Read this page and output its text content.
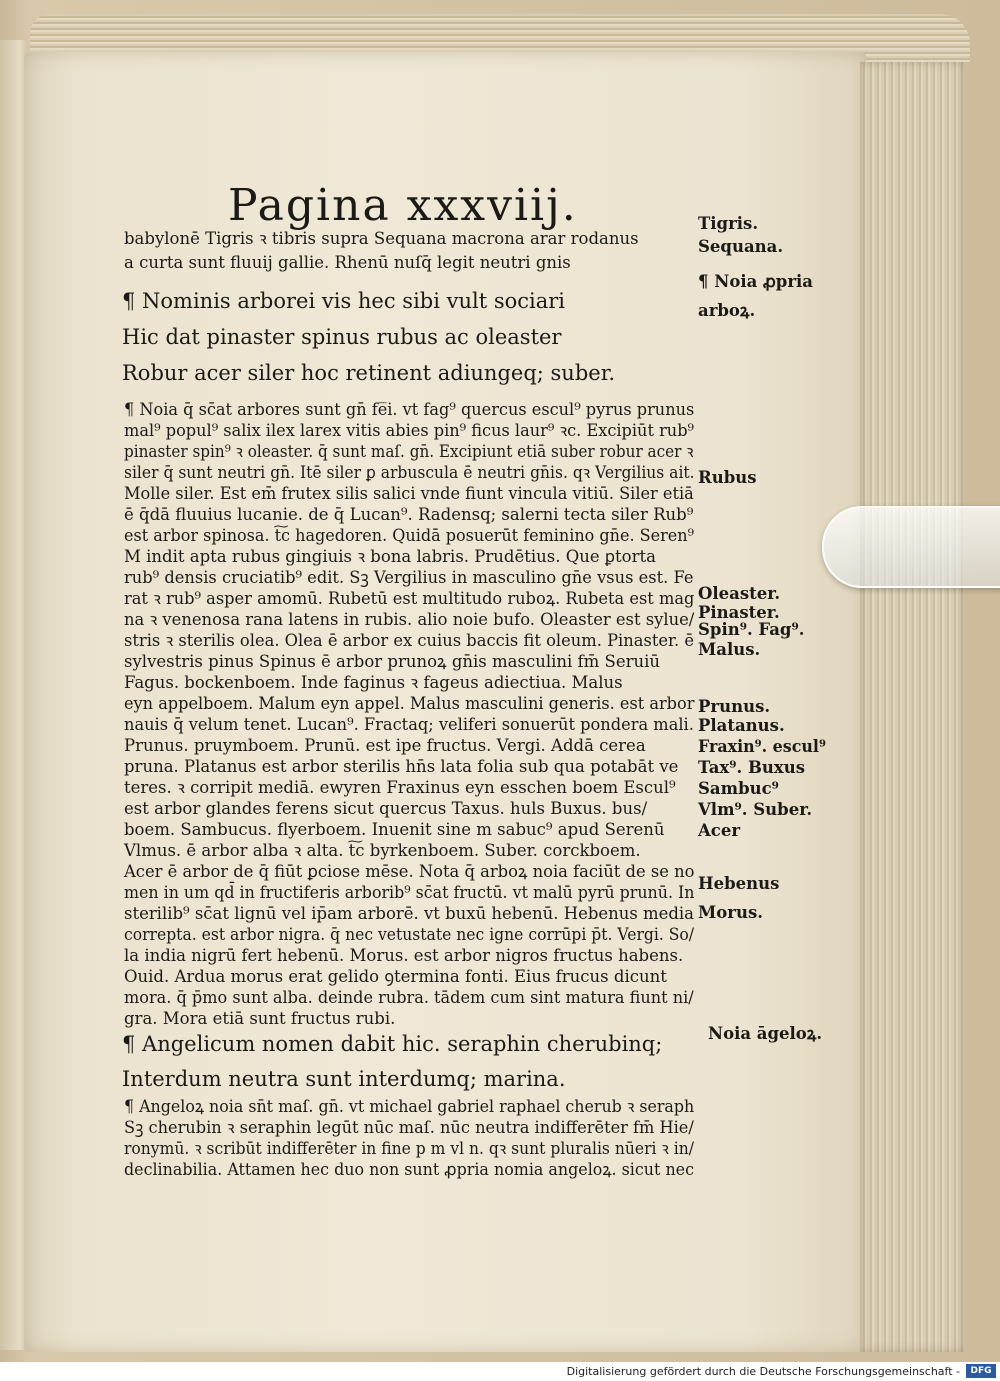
Pagina xxxviij.
babylonē Tigris ꝛ tibris supra Sequana macrona arar rodanus
a curta sunt fluuij gallie. Rhenū nuſq̄ legit neutri gnis
¶ Nominis arborei vis hec sibi vult sociari
Hic dat pinaster spinus rubus ac oleaster
Robur acer siler hoc retinent adiungeq; suber.
¶ Noia q̄ sc̄at arbores sunt gn̄ fe̅i. vt fag⁹ quercus escul⁹ pyrus prunus
mal⁹ popul⁹ salix ilex larex vitis abies pin⁹ ficus laur⁹ ꝛc. Excipiūt rub⁹
pinaster spin⁹ ꝛ oleaster. q̄ sunt maſ. gn̄. Excipiunt etiā suber robur acer ꝛ
siler q̄ sunt neutri gn̄. Itē siler ꝑ arbuscula ē neutri gn̄is. qꝛ Vergilius ait.
Molle siler. Est em̄ frutex silis salici vnde fiunt vincula vitiū. Siler etiā
ē q̄dā fluuius lucanie. de q̄ Lucan⁹. Radensq; salerni tecta siler Rub⁹
est arbor spinosa. t͠c hagedoren. Quidā posuerūt feminino gn̄e. Seren⁹
M indit apta rubus gingiuis ꝛ bona labris. Prudētius. Que ꝑtorta
rub⁹ densis cruciatib⁹ edit. Sꝫ Vergilius in masculino gn̄e vsus est. Fe
rat ꝛ rub⁹ asper amomū. Rubetū est multitudo ruboꝝ. Rubeta est mag
na ꝛ venenosa rana latens in rubis. alio noie bufo. Oleaster est sylue/
stris ꝛ sterilis olea. Olea ē arbor ex cuius baccis fit oleum. Pinaster. ē
sylvestris pinus Spinus ē arbor prunoꝝ gn̄is masculini fm̄ Seruiū
Fagus. bockenboem. Inde faginus ꝛ fageus adiectiua. Malus
eyn appelboem. Malum eyn appel. Malus masculini generis. est arbor
nauis q̄ velum tenet. Lucan⁹. Fractaq; veliferi sonuerūt pondera mali.
Prunus. pruymboem. Prunū. est ipe fructus. Vergi. Addā cerea
pruna. Platanus est arbor sterilis hn̄s lata folia sub qua potabāt ve
teres. ꝛ corripit mediā. ewyren Fraxinus eyn esschen boem Escul⁹
est arbor glandes ferens sicut quercus Taxus. huls Buxus. bus/
boem. Sambucus. flyerboem. Inuenit sine m sabuc⁹ apud Serenū
Vlmus. ē arbor alba ꝛ alta. t͠c byrkenboem. Suber. corckboem.
Acer ē arbor de q̄ fiūt ꝑciose mēse. Nota q̄ arboꝝ noia faciūt de se no
men in um qd̄ in fructiferis arborib⁹ sc̄at fructū. vt malū pyrū prunū. In
sterilib⁹ sc̄at lignū vel ip̄am arborē. vt buxū hebenū. Hebenus media
correpta. est arbor nigra. q̄ nec vetustate nec igne corrūpi p̄t. Vergi. So/
la india nigrū fert hebenū. Morus. est arbor nigros fructus habens.
Ouid. Ardua morus erat gelido ꝯtermina fonti. Eius frucus dicunt
mora. q̄ p̄mo sunt alba. deinde rubra. tādem cum sint matura fiunt ni/
gra. Mora etiā sunt fructus rubi.
¶ Angelicum nomen dabit hic. seraphin cherubinq;
Interdum neutra sunt interdumq; marina.
¶ Angeloꝝ noia sn̄t maſ. gn̄. vt michael gabriel raphael cherub ꝛ seraph
Sꝫ cherubin ꝛ seraphin legūt nūc maſ. nūc neutra indifferēter fm̄ Hie/
ronymū. ꝛ scribūt indifferēter in fine p m vl n. qꝛ sunt pluralis nūeri ꝛ in/
declinabilia. Attamen hec duo non sunt ꝓpria nomia angeloꝝ. sicut nec
Tigris.
Sequana.
¶ Noia ꝓpria
arboꝝ.
Rubus
Oleaster.
Pinaster.
Spin⁹. Fag⁹.
Malus.
Prunus.
Platanus.
Fraxin⁹. escul⁹
Tax⁹. Buxus
Sambuc⁹
Vlm⁹. Suber.
Acer
Hebenus
Morus.
Noia āgeloꝝ.
Digitalisierung gefördert durch die Deutsche Forschungsgemeinschaft -	DFG
